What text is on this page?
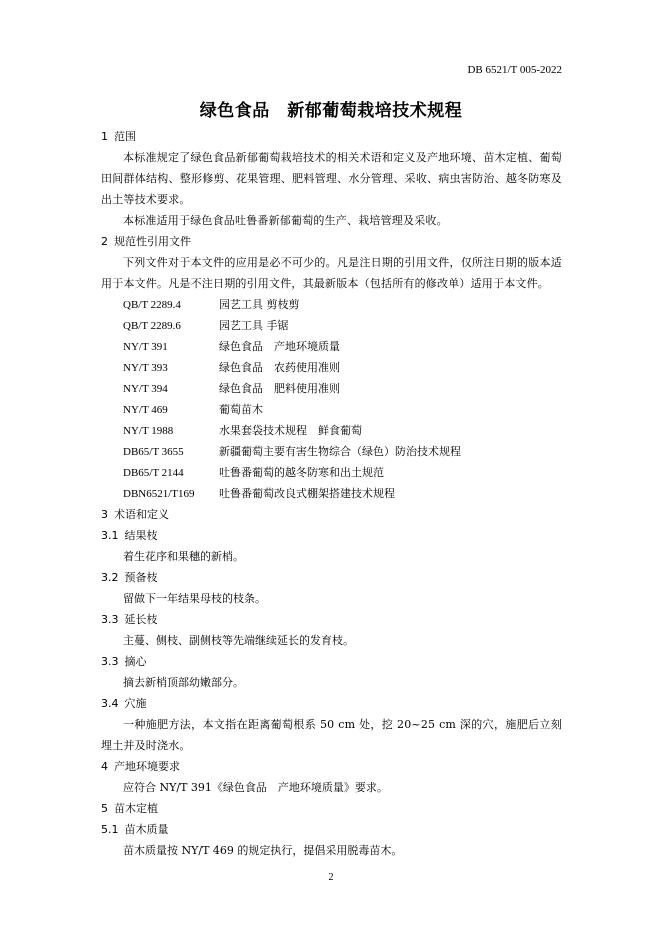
DB 6521/T 005-2022
绿色食品　新郁葡萄栽培技术规程
1 范围
本标准规定了绿色食品新郁葡萄栽培技术的相关术语和定义及产地环境、苗木定植、葡萄田间群体结构、整形修剪、花果管理、肥料管理、水分管理、采收、病虫害防治、越冬防寒及出土等技术要求。
本标准适用于绿色食品吐鲁番新郁葡萄的生产、栽培管理及采收。
2 规范性引用文件
下列文件对于本文件的应用是必不可少的。凡是注日期的引用文件，仅所注日期的版本适用于本文件。凡是不注日期的引用文件，其最新版本（包括所有的修改单）适用于本文件。
QB/T 2289.4	园艺工具 剪枝剪
QB/T 2289.6	园艺工具 手锯
NY/T 391	绿色食品　产地环境质量
NY/T 393	绿色食品　农药使用准则
NY/T 394	绿色食品　肥料使用准则
NY/T 469	葡萄苗木
NY/T 1988	水果套袋技术规程　鲜食葡萄
DB65/T 3655	新疆葡萄主要有害生物综合（绿色）防治技术规程
DB65/T 2144	吐鲁番葡萄的越冬防寒和出土规范
DBN6521/T169 吐鲁番葡萄改良式棚架搭建技术规程
3 术语和定义
3.1 结果枝
着生花序和果穗的新梢。
3.2 预备枝
留做下一年结果母枝的枝条。
3.3 延长枝
主蔓、侧枝、副侧枝等先端继续延长的发育枝。
3.3 摘心
摘去新梢顶部幼嫩部分。
3.4 穴施
一种施肥方法，本文指在距离葡萄根系 50 cm 处，挖 20~25 cm 深的穴，施肥后立刻埋土并及时浇水。
4 产地环境要求
应符合 NY/T 391《绿色食品　产地环境质量》要求。
5 苗木定植
5.1 苗木质量
苗木质量按 NY/T 469 的规定执行，提倡采用脱毒苗木。
2
